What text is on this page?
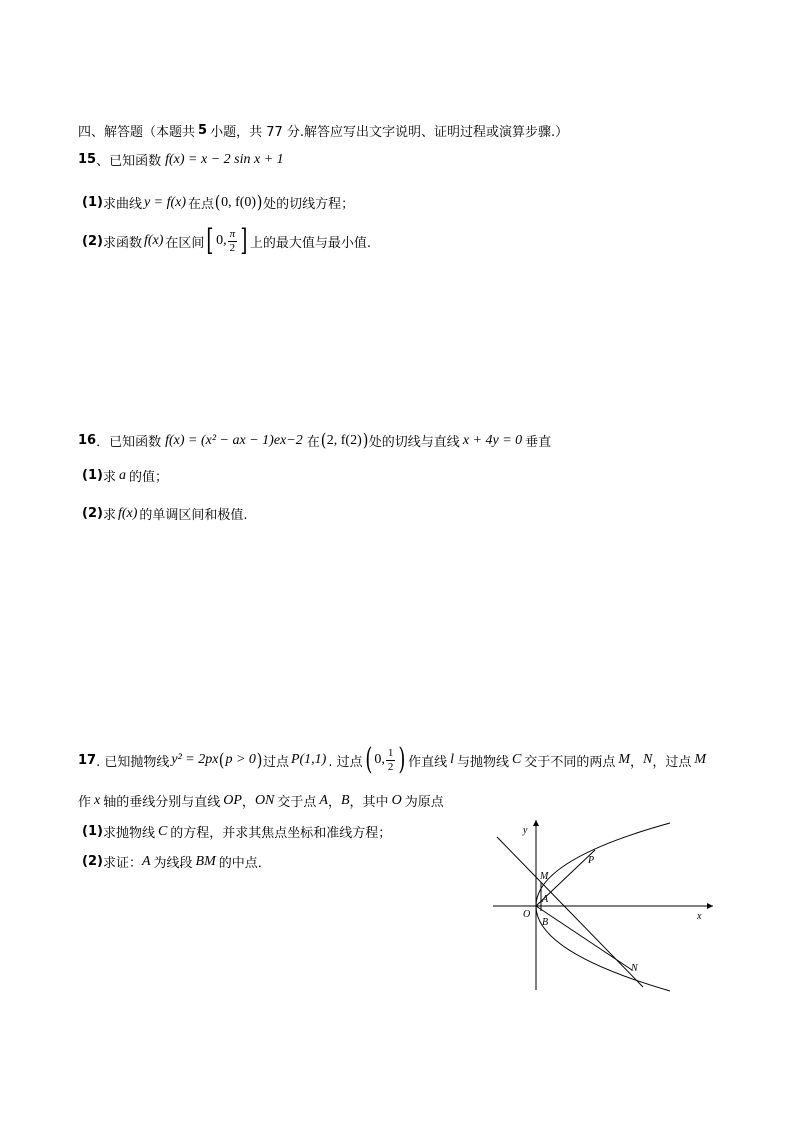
四、解答题（本题共 5 小题，共 77 分.解答应写出文字说明、证明过程或演算步骤.）
15 、已知函数 f(x) = x − 2 sin x + 1
(1) 求曲线 y = f(x) 在点 ( 0, f(0) ) 处的切线方程；
(2) 求函数 f(x) 在区间 [ 0, $\frac{\pi}{2}$ ] 上的最大值与最小值.
16 ．已知函数 f(x) = (x² − ax − 1)e x−2 在 ( 2, f(2) ) 处的切线与直线 x + 4y = 0 垂直
(1) 求 a 的值；
(2) 求 f(x) 的单调区间和极值.
17 . 已知抛物线 y² = 2px ( p > 0 ) 过点 P(1,1) . 过点 ( 0, $\frac{1}{2}$ ) 作直线 l 与抛物线 C 交于不同的两点 M ， N ，过点 M
作 x 轴的垂线分别与直线 OP ， ON 交于点 A ， B ，其中 O 为原点
(1) 求抛物线 C 的方程，并求其焦点坐标和准线方程；
(2) 求证： A 为线段 BM 的中点．
y
x
O
M
A
B
P
N
